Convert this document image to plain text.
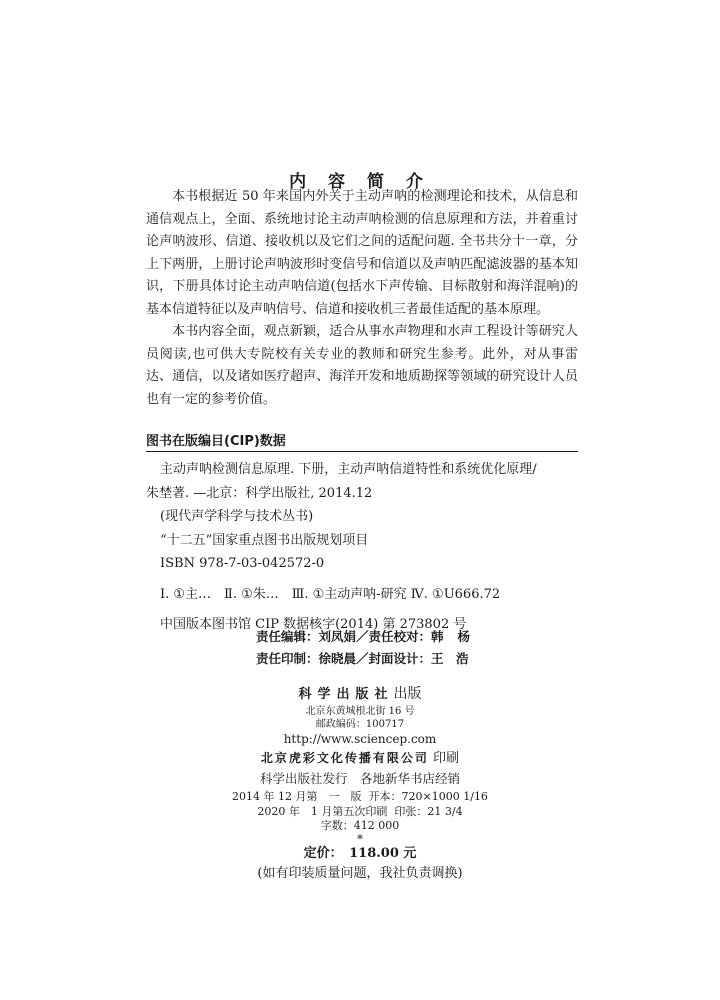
内 容 简 介

本书根据近 50 年来国内外关于主动声呐的检测理论和技术，从信息和通信观点上，全面、系统地讨论主动声呐检测的信息原理和方法，并着重讨论声呐波形、信道、接收机以及它们之间的适配问题. 全书共分十一章，分上下两册，上册讨论声呐波形时变信号和信道以及声呐匹配滤波器的基本知识，下册具体讨论主动声呐信道(包括水下声传输、目标散射和海洋混响)的基本信道特征以及声呐信号、信道和接收机三者最佳适配的基本原理。

本书内容全面，观点新颖，适合从事水声物理和水声工程设计等研究人员阅读,也可供大专院校有关专业的教师和研究生参考。此外，对从事雷达、通信，以及诸如医疗超声、海洋开发和地质勘探等领域的研究设计人员也有一定的参考价值。

图书在版编目(CIP)数据
主动声呐检测信息原理. 下册，主动声呐信道特性和系统优化原理/
朱埜著. —北京：科学出版社, 2014.12
(现代声学科学与技术丛书)
“十二五”国家重点图书出版规划项目
ISBN 978-7-03-042572-0
Ⅰ. ①主…　Ⅱ. ①朱…　Ⅲ. ①主动声呐-研究 Ⅳ. ①U666.72
中国版本图书馆 CIP 数据核字(2014) 第 273802 号
责任编辑：刘凤娟／责任校对：韩 杨
责任印制：徐晓晨／封面设计：王　浩
科学出版社出版
北京东黄城根北街 16 号
邮政编码：100717
http://www.sciencep.com
北京虎彩文化传播有限公司 印刷
科学出版社发行　各地新华书店经销
2014 年 12 月第　一　版 开本：720×1000 1/16
2020 年　1 月第五次印刷 印张：21 3/4
字数：412 000
*
定价：　118.00 元
(如有印装质量问题，我社负责调换)
